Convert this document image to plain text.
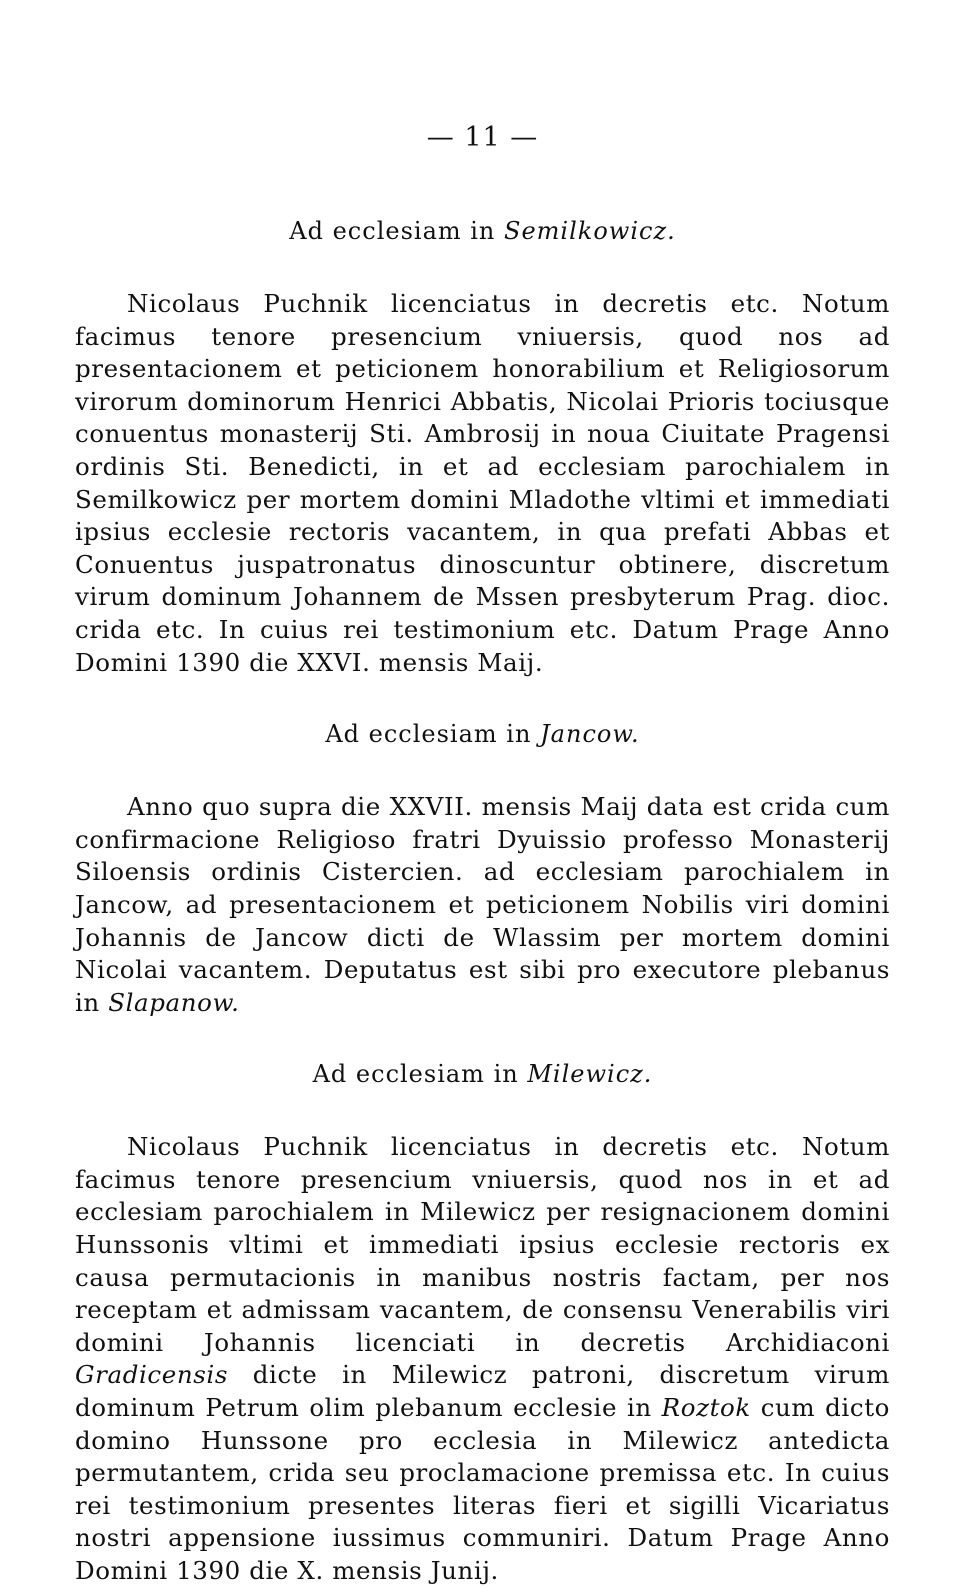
— 11 —
Ad ecclesiam in Semilkowicz.

Nicolaus Puchnik licenciatus in decretis etc. Notum facimus tenore presencium vniuersis, quod nos ad presentacionem et peticionem honorabilium et Religiosorum virorum dominorum Henrici Abbatis, Nicolai Prioris tociusque conuentus monasterij Sti. Ambrosij in noua Ciuitate Pragensi ordinis Sti. Benedicti, in et ad ecclesiam parochialem in Semilkowicz per mortem domini Mladothe vltimi et immediati ipsius ecclesie rectoris vacantem, in qua prefati Abbas et Conuentus juspatronatus dinoscuntur obtinere, discretum virum dominum Johannem de Mssen presbyterum Prag. dioc. crida etc. In cuius rei testimonium etc. Datum Prage Anno Domini 1390 die XXVI. mensis Maij.

Ad ecclesiam in Jancow.

Anno quo supra die XXVII. mensis Maij data est crida cum confirmacione Religioso fratri Dyuissio professo Monasterij Siloensis ordinis Cistercien. ad ecclesiam parochialem in Jancow, ad presentacionem et peticionem Nobilis viri domini Johannis de Jancow dicti de Wlassim per mortem domini Nicolai vacantem. Deputatus est sibi pro executore plebanus in Slapanow.

Ad ecclesiam in Milewicz.

Nicolaus Puchnik licenciatus in decretis etc. Notum facimus tenore presencium vniuersis, quod nos in et ad ecclesiam parochialem in Milewicz per resignacionem domini Hunssonis vltimi et immediati ipsius ecclesie rectoris ex causa permutacionis in manibus nostris factam, per nos receptam et admissam vacantem, de consensu Venerabilis viri domini Johannis licenciati in decretis Archidiaconi Gradicensis dicte in Milewicz patroni, discretum virum dominum Petrum olim plebanum ecclesie in Roztok cum dicto domino Hunssone pro ecclesia in Milewicz antedicta permutantem, crida seu proclamacione premissa etc. In cuius rei testimonium presentes literas fieri et sigilli Vicariatus nostri appensione iussimus communiri. Datum Prage Anno Domini 1390 die X. mensis Junij.
